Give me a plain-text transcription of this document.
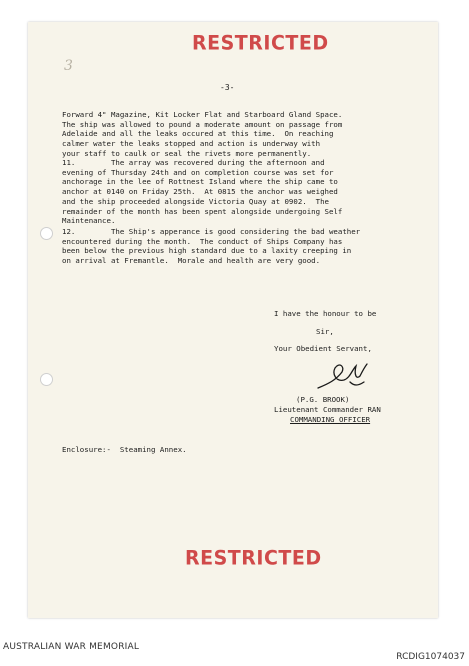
RESTRICTED
3
-3-
Forward 4" Magazine, Kit Locker Flat and Starboard Gland Space.
The ship was allowed to pound a moderate amount on passage from
Adelaide and all the leaks occured at this time.  On reaching
calmer water the leaks stopped and action is underway with
your staff to caulk or seal the rivets more permanently.
11.        The array was recovered during the afternoon and
evening of Thursday 24th and on completion course was set for
anchorage in the lee of Rottnest Island where the ship came to
anchor at 0140 on Friday 25th.  At 0815 the anchor was weighed
and the ship proceeded alongside Victoria Quay at 0902.  The
remainder of the month has been spent alongside undergoing Self
Maintenance.
12.        The Ship's apperance is good considering the bad weather
encountered during the month.  The conduct of Ships Company has
been below the previous high standard due to a laxity creeping in
on arrival at Fremantle.  Morale and health are very good.
I have the honour to be
Sir,
Your Obedient Servant,
(P.G. BROOK)
Lieutenant Commander RAN
COMMANDING OFFICER
Enclosure:-  Steaming Annex.
RESTRICTED
AUSTRALIAN WAR MEMORIAL
RCDIG1074037
